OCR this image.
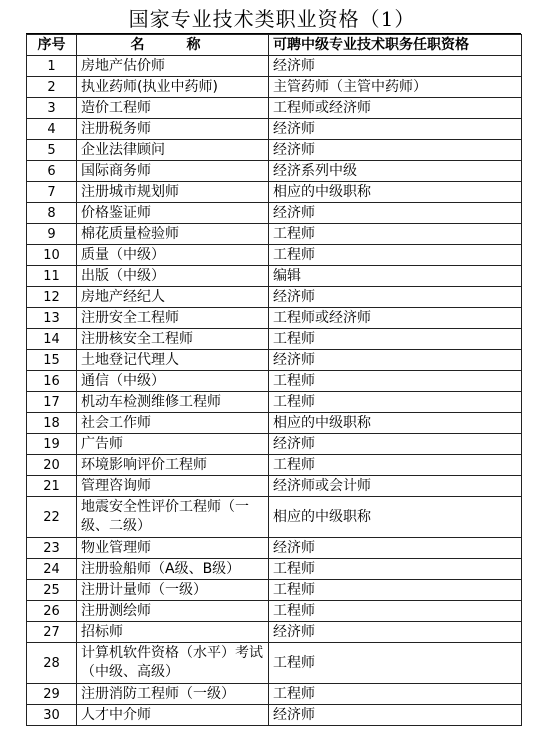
国家专业技术类职业资格（1）
序号	名　称	可聘中级专业技术职务任职资格
1	房地产估价师	经济师
2	执业药师(执业中药师)	主管药师（主管中药师）
3	造价工程师	工程师或经济师
4	注册税务师	经济师
5	企业法律顾问	经济师
6	国际商务师	经济系列中级
7	注册城市规划师	相应的中级职称
8	价格鉴证师	经济师
9	棉花质量检验师	工程师
10	质量（中级）	工程师
11	出版（中级）	编辑
12	房地产经纪人	经济师
13	注册安全工程师	工程师或经济师
14	注册核安全工程师	工程师
15	土地登记代理人	经济师
16	通信（中级）	工程师
17	机动车检测维修工程师	工程师
18	社会工作师	相应的中级职称
19	广告师	经济师
20	环境影响评价工程师	工程师
21	管理咨询师	经济师或会计师
22	地震安全性评价工程师（一级、二级）	相应的中级职称
23	物业管理师	经济师
24	注册验船师（A级、B级）	工程师
25	注册计量师（一级）	工程师
26	注册测绘师	工程师
27	招标师	经济师
28	计算机软件资格（水平）考试（中级、高级）	工程师
29	注册消防工程师（一级）	工程师
30	人才中介师	经济师
